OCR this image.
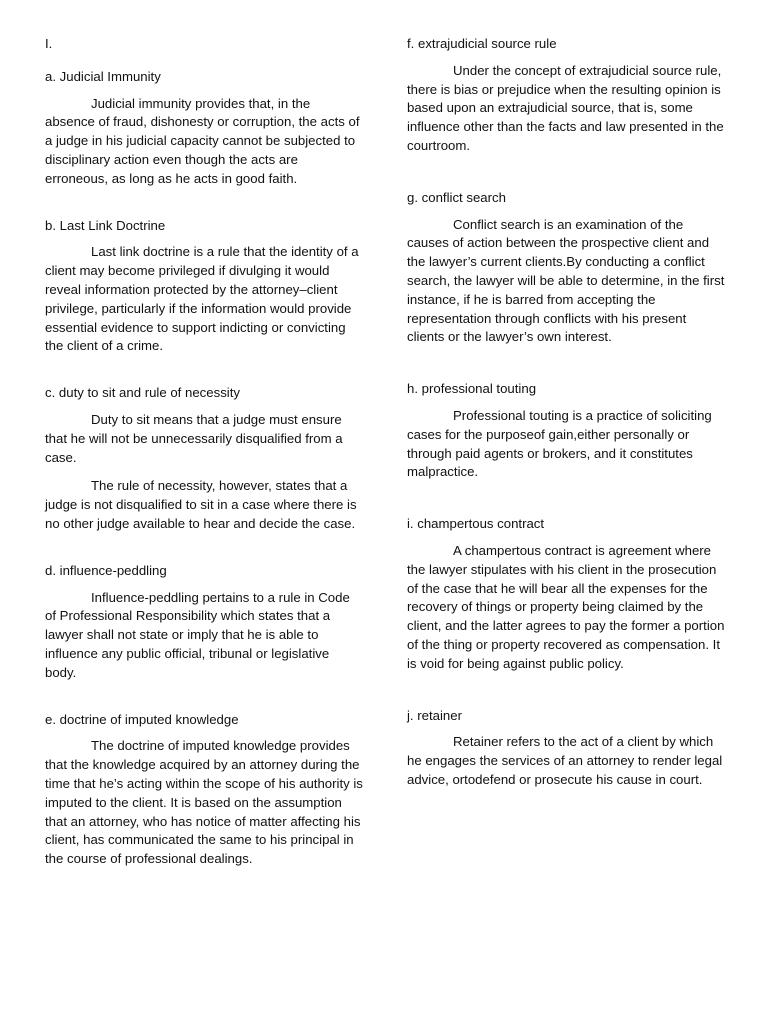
I.
a. Judicial Immunity
Judicial immunity provides that, in the absence of fraud, dishonesty or corruption, the acts of a judge in his judicial capacity cannot be subjected to disciplinary action even though the acts are erroneous, as long as he acts in good faith.
b. Last Link Doctrine
Last link doctrine is a rule that the identity of a client may become privileged if divulging it would reveal information protected by the attorney–client privilege, particularly if the information would provide essential evidence to support indicting or convicting the client of a crime.
c. duty to sit and rule of necessity
Duty to sit means that a judge must ensure that he will not be unnecessarily disqualified from a case.
The rule of necessity, however, states that a judge is not disqualified to sit in a case where there is no other judge available to hear and decide the case.
d. influence-peddling
Influence-peddling pertains to a rule in Code of Professional Responsibility which states that a lawyer shall not state or imply that he is able to influence any public official, tribunal or legislative body.
e. doctrine of imputed knowledge
The doctrine of imputed knowledge provides that the knowledge acquired by an attorney during the time that he’s acting within the scope of his authority is imputed to the client. It is based on the assumption that an attorney, who has notice of matter affecting his client, has communicated the same to his principal in the course of professional dealings.
f. extrajudicial source rule
Under the concept of extrajudicial source rule, there is bias or prejudice when the resulting opinion is based upon an extrajudicial source, that is, some influence other than the facts and law presented in the courtroom.
g. conflict search
Conflict search is an examination of the causes of action between the prospective client and the lawyer’s current clients.By conducting a conflict search, the lawyer will be able to determine, in the first instance, if he is barred from accepting the representation through conflicts with his present clients or the lawyer’s own interest.
h. professional touting
Professional touting is a practice of soliciting cases for the purposeof gain,either personally or through paid agents or brokers, and it constitutes malpractice.
i. champertous contract
A champertous contract is agreement where the lawyer stipulates with his client in the prosecution of the case that he will bear all the expenses for the recovery of things or property being claimed by the client, and the latter agrees to pay the former a portion of the thing or property recovered as compensation. It is void for being against public policy.
j. retainer
Retainer refers to the act of a client by which he engages the services of an attorney to render legal advice, ortodefend or prosecute his cause in court.
